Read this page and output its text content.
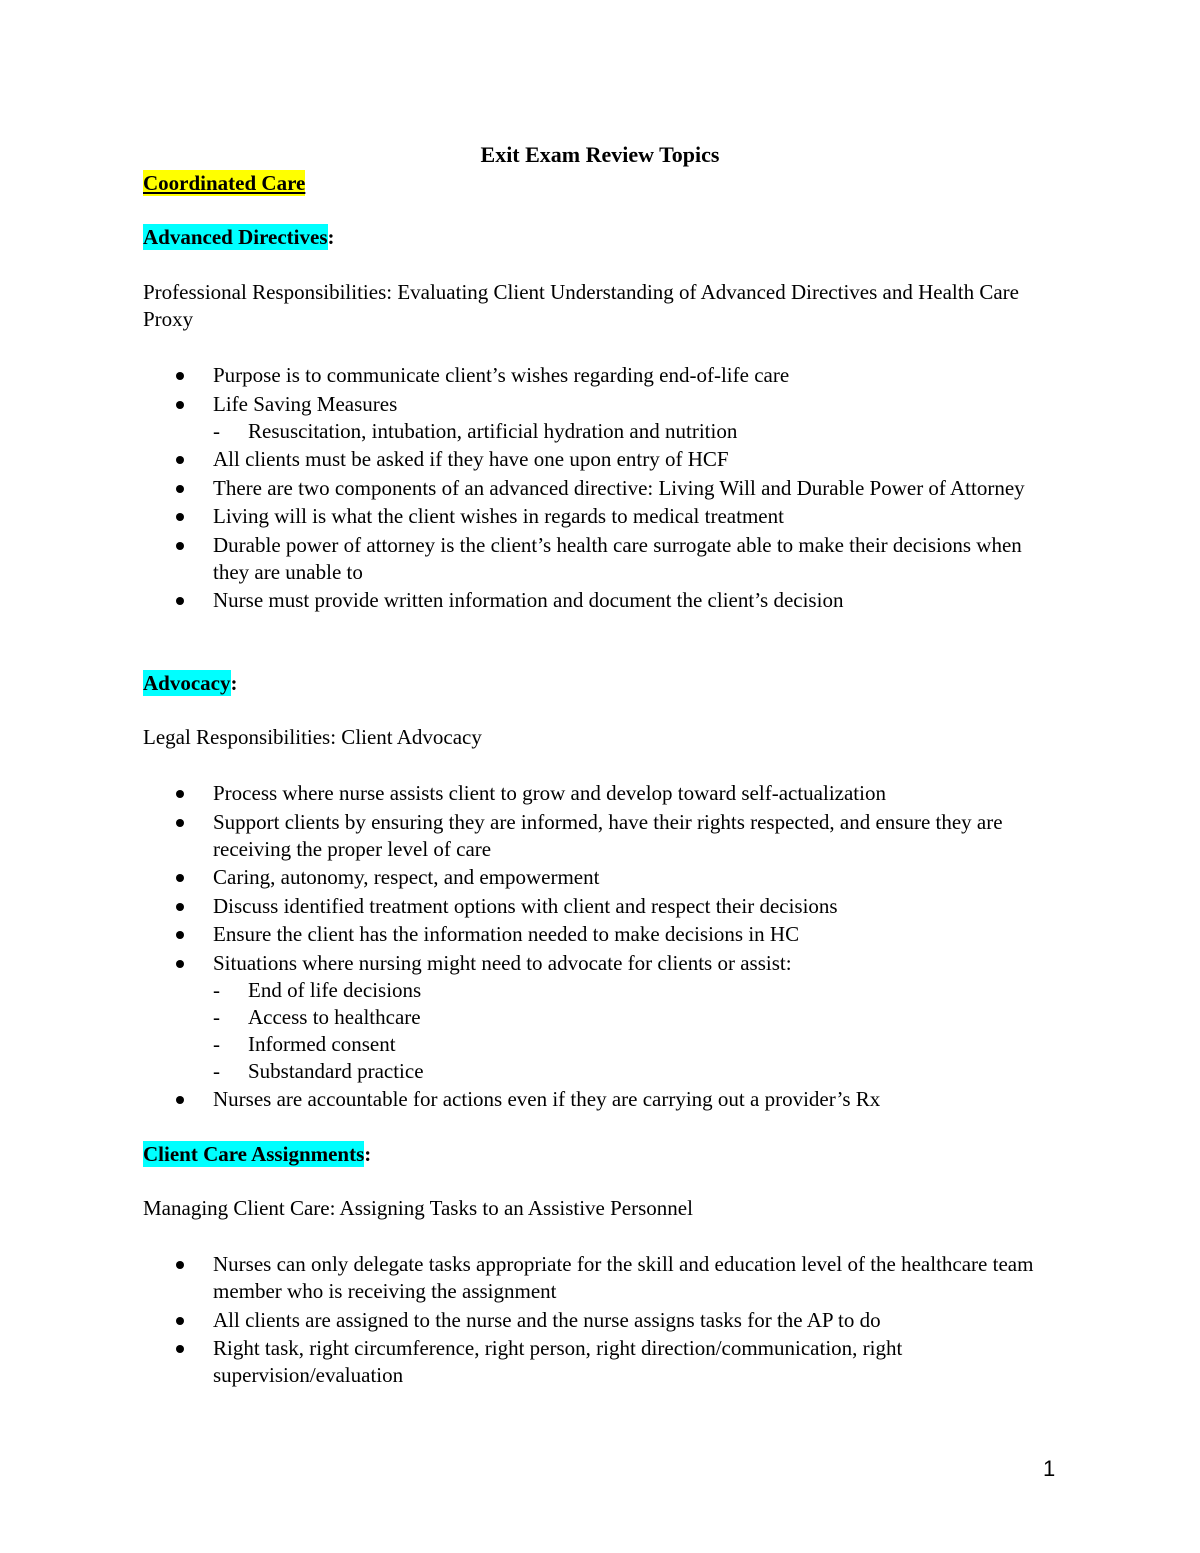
Exit Exam Review Topics
Coordinated Care
Advanced Directives:
Professional Responsibilities: Evaluating Client Understanding of Advanced Directives and Health Care Proxy
Purpose is to communicate client’s wishes regarding end-of-life care
Life Saving Measures
- Resuscitation, intubation, artificial hydration and nutrition
All clients must be asked if they have one upon entry of HCF
There are two components of an advanced directive: Living Will and Durable Power of Attorney
Living will is what the client wishes in regards to medical treatment
Durable power of attorney is the client’s health care surrogate able to make their decisions when they are unable to
Nurse must provide written information and document the client’s decision
Advocacy:
Legal Responsibilities: Client Advocacy
Process where nurse assists client to grow and develop toward self-actualization
Support clients by ensuring they are informed, have their rights respected, and ensure they are receiving the proper level of care
Caring, autonomy, respect, and empowerment
Discuss identified treatment options with client and respect their decisions
Ensure the client has the information needed to make decisions in HC
Situations where nursing might need to advocate for clients or assist:
- End of life decisions
- Access to healthcare
- Informed consent
- Substandard practice
Nurses are accountable for actions even if they are carrying out a provider’s Rx
Client Care Assignments:
Managing Client Care: Assigning Tasks to an Assistive Personnel
Nurses can only delegate tasks appropriate for the skill and education level of the healthcare team member who is receiving the assignment
All clients are assigned to the nurse and the nurse assigns tasks for the AP to do
Right task, right circumference, right person, right direction/communication, right supervision/evaluation
1
